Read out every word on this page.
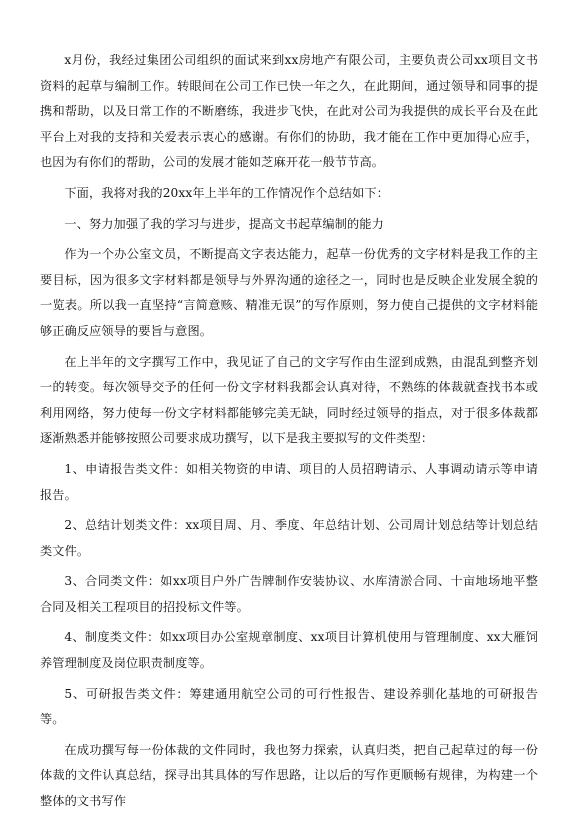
x月份，我经过集团公司组织的面试来到xx房地产有限公司，主要负责公司xx项目文书资料的起草与编制工作。转眼间在公司工作已快一年之久，在此期间，通过领导和同事的提携和帮助，以及日常工作的不断磨练，我进步飞快，在此对公司为我提供的成长平台及在此平台上对我的支持和关爱表示衷心的感谢。有你们的协助，我才能在工作中更加得心应手，也因为有你们的帮助，公司的发展才能如芝麻开花一般节节高。

下面，我将对我的20xx年上半年的工作情况作个总结如下：

一、努力加强了我的学习与进步，提高文书起草编制的能力

作为一个办公室文员，不断提高文字表达能力，起草一份优秀的文字材料是我工作的主要目标，因为很多文字材料都是领导与外界沟通的途径之一，同时也是反映企业发展全貌的一览表。所以我一直坚持“言简意赅、精准无误”的写作原则，努力使自己提供的文字材料能够正确反应领导的要旨与意图。

在上半年的文字撰写工作中，我见证了自己的文字写作由生涩到成熟，由混乱到整齐划一的转变。每次领导交予的任何一份文字材料我都会认真对待，不熟练的体裁就查找书本或利用网络，努力使每一份文字材料都能够完美无缺，同时经过领导的指点，对于很多体裁都逐渐熟悉并能够按照公司要求成功撰写，以下是我主要拟写的文件类型：

1、申请报告类文件：如相关物资的申请、项目的人员招聘请示、人事调动请示等申请报告。

2、总结计划类文件：xx项目周、月、季度、年总结计划、公司周计划总结等计划总结类文件。

3、合同类文件：如xx项目户外广告牌制作安装协议、水库清淤合同、十亩地场地平整合同及相关工程项目的招投标文件等。

4、制度类文件：如xx项目办公室规章制度、xx项目计算机使用与管理制度、xx大雁饲养管理制度及岗位职责制度等。

5、可研报告类文件：筹建通用航空公司的可行性报告、建设养驯化基地的可研报告等。

在成功撰写每一份体裁的文件同时，我也努力探索，认真归类，把自己起草过的每一份体裁的文件认真总结，探寻出其具体的写作思路，让以后的写作更顺畅有规律，为构建一个整体的文书写作
